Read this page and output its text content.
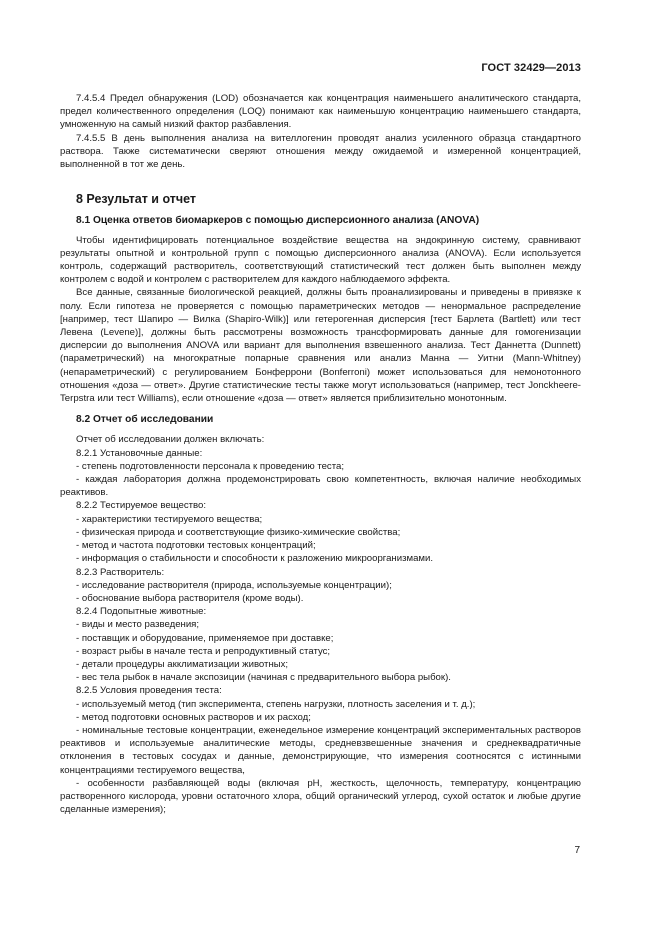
ГОСТ 32429—2013

7.4.5.4 Предел обнаружения (LOD) обозначается как концентрация наименьшего аналитического стандарта, предел количественного определения (LOQ) понимают как наименьшую концентрацию наименьшего стандарта, умноженную на самый низкий фактор разбавления.

7.4.5.5 В день выполнения анализа на вителлогенин проводят анализ усиленного образца стандартного раствора. Также систематически сверяют отношения между ожидаемой и измеренной концентрацией, выполненной в тот же день.

8 Результат и отчет
8.1 Оценка ответов биомаркеров с помощью дисперсионного анализа (ANOVA)

Чтобы идентифицировать потенциальное воздействие вещества на эндокринную систему, сравнивают результаты опытной и контрольной групп с помощью дисперсионного анализа (ANOVA). Если используется контроль, содержащий растворитель, соответствующий статистический тест должен быть выполнен между контролем с водой и контролем с растворителем для каждого наблюдаемого эффекта.

Все данные, связанные биологической реакцией, должны быть проанализированы и приведены в привязке к полу. Если гипотеза не проверяется с помощью параметрических методов — ненормальное распределение [например, тест Шапиро — Вилка (Shapiro-Wilk)] или гетерогенная дисперсия [тест Барлета (Bartlett) или тест Левена (Levene)], должны быть рассмотрены возможность трансформировать данные для гомогенизации дисперсии до выполнения ANOVA или вариант для выполнения взвешенного анализа. Тест Даннетта (Dunnett) (параметрический) на многократные попарные сравнения или анализ Манна — Уитни (Mann-Whitney) (непараметрический) с регулированием Бонферрони (Bonferroni) может использоваться для немонотонного отношения «доза — ответ». Другие статистические тесты также могут использоваться (например, тест Jonckheere-Terpstra или тест Williams), если отношение «доза — ответ» является приблизительно монотонным.

8.2 Отчет об исследовании

Отчет об исследовании должен включать:

8.2.1 Установочные данные:

- степень подготовленности персонала к проведению теста;

- каждая лаборатория должна продемонстрировать свою компетентность, включая наличие необходимых реактивов.

8.2.2 Тестируемое вещество:

- характеристики тестируемого вещества;

- физическая природа и соответствующие физико-химические свойства;

- метод и частота подготовки тестовых концентраций;

- информация о стабильности и способности к разложению микроорганизмами.

8.2.3 Растворитель:

- исследование растворителя (природа, используемые концентрации);

- обоснование выбора растворителя (кроме воды).

8.2.4 Подопытные животные:

- виды и место разведения;

- поставщик и оборудование, применяемое при доставке;

- возраст рыбы в начале теста и репродуктивный статус;

- детали процедуры акклиматизации животных;

- вес тела рыбок в начале экспозиции (начиная с предварительного выбора рыбок).

8.2.5 Условия проведения теста:

- используемый метод (тип эксперимента, степень нагрузки, плотность заселения и т. д.);

- метод подготовки основных растворов и их расход;

- номинальные тестовые концентрации, еженедельное измерение концентраций экспериментальных растворов реактивов и используемые аналитические методы, средневзвешенные значения и среднеквадратичные отклонения в тестовых сосудах и данные, демонстрирующие, что измерения соотносятся с истинными концентрациями тестируемого вещества,

- особенности разбавляющей воды (включая pH, жесткость, щелочность, температуру, концентрацию растворенного кислорода, уровни остаточного хлора, общий органический углерод, сухой остаток и любые другие сделанные измерения);

7
